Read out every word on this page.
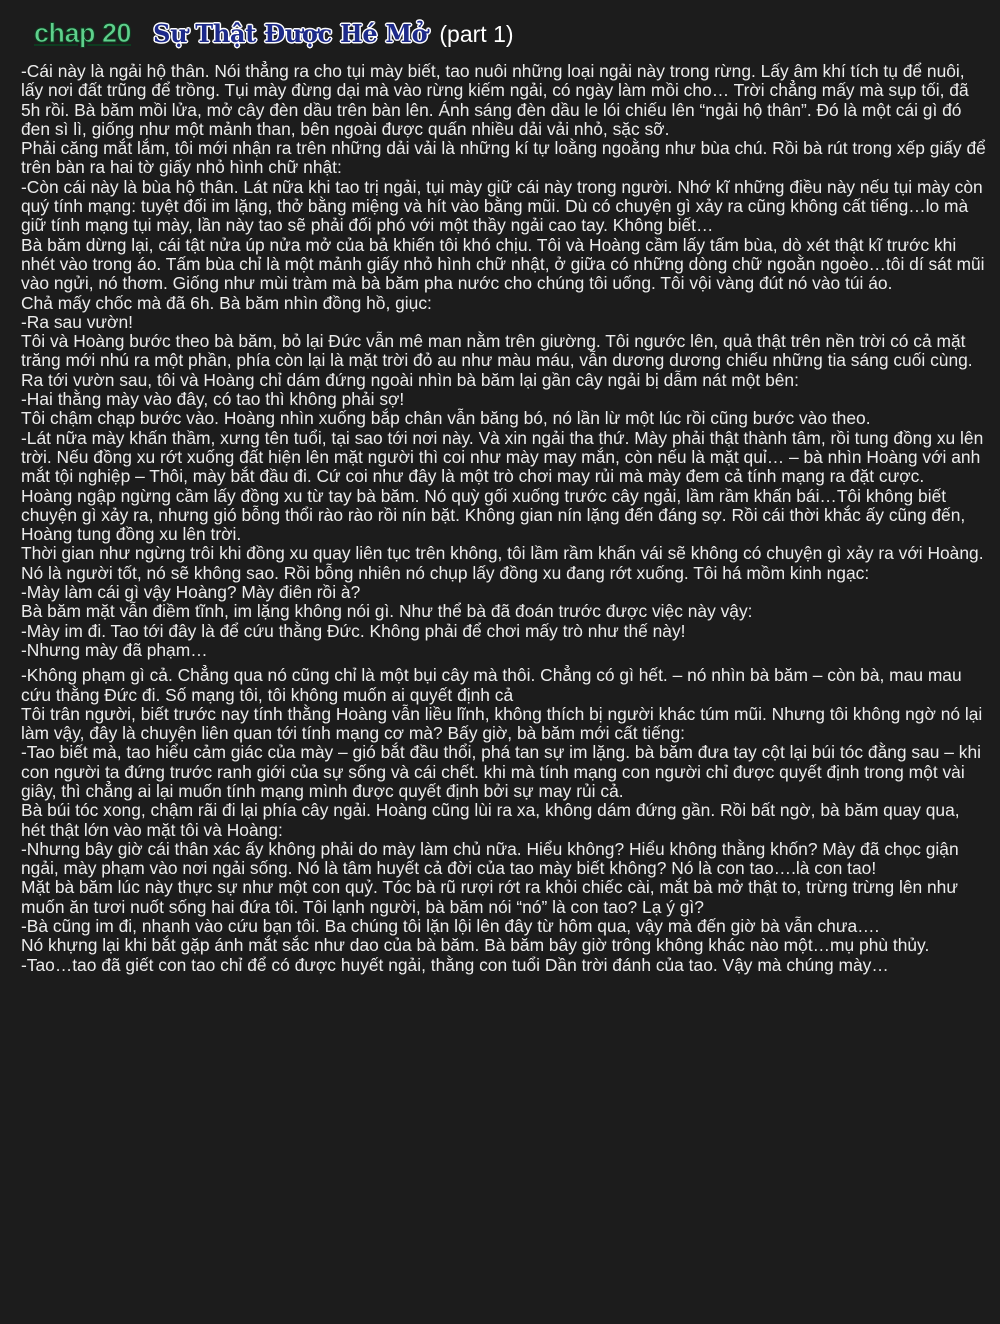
chap 20 Sự Thật Được Hé Mở (part 1)

-Cái này là ngải hộ thân. Nói thẳng ra cho tụi mày biết, tao nuôi những loại ngải này trong rừng. Lấy âm khí tích tụ để nuôi, lấy nơi đất trũng để trồng. Tụi mày đừng dại mà vào rừng kiếm ngải, có ngày làm mồi cho… Trời chẳng mấy mà sụp tối, đã 5h rồi. Bà băm mồi lửa, mở cây đèn dầu trên bàn lên. Ánh sáng đèn dầu le lói chiếu lên “ngải hộ thân”. Đó là một cái gì đó đen sì lì, giống như một mảnh than, bên ngoài được quấn nhiều dải vải nhỏ, sặc sỡ.

Phải căng mắt lắm, tôi mới nhận ra trên những dải vải là những kí tự loằng ngoằng như bùa chú. Rồi bà rút trong xếp giấy để trên bàn ra hai tờ giấy nhỏ hình chữ nhật:

-Còn cái này là bùa hộ thân. Lát nữa khi tao trị ngải, tụi mày giữ cái này trong người. Nhớ kĩ những điều này nếu tụi mày còn quý tính mạng: tuyệt đối im lặng, thở bằng miệng và hít vào bằng mũi. Dù có chuyện gì xảy ra cũng không cất tiếng…lo mà giữ tính mạng tụi mày, lần này tao sẽ phải đối phó với một thầy ngải cao tay. Không biết…

Bà băm dừng lại, cái tật nửa úp nửa mở của bả khiến tôi khó chịu. Tôi và Hoàng cầm lấy tấm bùa, dò xét thật kĩ trước khi nhét vào trong áo. Tấm bùa chỉ là một mảnh giấy nhỏ hình chữ nhật, ở giữa có những dòng chữ ngoằn ngoèo…tôi dí sát mũi vào ngửi, nó thơm. Giống như mùi tràm mà bà băm pha nước cho chúng tôi uống. Tôi vội vàng đút nó vào túi áo.

Chả mấy chốc mà đã 6h. Bà băm nhìn đồng hồ, giục:

-Ra sau vườn!

Tôi và Hoàng bước theo bà băm, bỏ lại Đức vẫn mê man nằm trên giường. Tôi ngước lên, quả thật trên nền trời có cả mặt trăng mới nhú ra một phần, phía còn lại là mặt trời đỏ au như màu máu, vẫn dương dương chiếu những tia sáng cuối cùng.

Ra tới vườn sau, tôi và Hoàng chỉ dám đứng ngoài nhìn bà băm lại gần cây ngải bị dẫm nát một bên:

-Hai thằng mày vào đây, có tao thì không phải sợ!

Tôi chậm chạp bước vào. Hoàng nhìn xuống bắp chân vẫn băng bó, nó lần lừ một lúc rồi cũng bước vào theo.

-Lát nữa mày khấn thầm, xưng tên tuổi, tại sao tới nơi này. Và xin ngải tha thứ. Mày phải thật thành tâm, rồi tung đồng xu lên trời. Nếu đồng xu rớt xuống đất hiện lên mặt người thì coi như mày may mắn, còn nếu là mặt quỉ… – bà nhìn Hoàng với anh mắt tội nghiệp – Thôi, mày bắt đầu đi. Cứ coi như đây là một trò chơi may rủi mà mày đem cả tính mạng ra đặt cược.

Hoàng ngập ngừng cầm lấy đồng xu từ tay bà băm. Nó quỳ gối xuống trước cây ngải, lầm rầm khấn bái…Tôi không biết chuyện gì xảy ra, nhưng gió bỗng thổi rào rào rồi nín bặt. Không gian nín lặng đến đáng sợ. Rồi cái thời khắc ấy cũng đến, Hoàng tung đồng xu lên trời.

Thời gian như ngừng trôi khi đồng xu quay liên tục trên không, tôi lầm rầm khấn vái sẽ không có chuyện gì xảy ra với Hoàng. Nó là người tốt, nó sẽ không sao. Rồi bỗng nhiên nó chụp lấy đồng xu đang rớt xuống. Tôi há mồm kinh ngạc:

-Mày làm cái gì vậy Hoàng? Mày điên rồi à?

Bà băm mặt vẫn điềm tĩnh, im lặng không nói gì. Như thể bà đã đoán trước được việc này vậy:

-Mày im đi. Tao tới đây là để cứu thằng Đức. Không phải để chơi mấy trò như thế này!

-Nhưng mày đã phạm…

-Không phạm gì cả. Chẳng qua nó cũng chỉ là một bụi cây mà thôi. Chẳng có gì hết. – nó nhìn bà băm – còn bà, mau mau cứu thằng Đức đi. Số mạng tôi, tôi không muốn ai quyết định cả

Tôi trân người, biết trước nay tính thằng Hoàng vẫn liều lĩnh, không thích bị người khác túm mũi. Nhưng tôi không ngờ nó lại làm vậy, đây là chuyện liên quan tới tính mạng cơ mà? Bấy giờ, bà băm mới cất tiếng:

-Tao biết mà, tao hiểu cảm giác của mày – gió bắt đầu thổi, phá tan sự im lặng. bà băm đưa tay cột lại búi tóc đằng sau – khi con người ta đứng trước ranh giới của sự sống và cái chết. khi mà tính mạng con người chỉ được quyết định trong một vài giây, thì chẳng ai lại muốn tính mạng mình được quyết định bởi sự may rủi cả.

Bà búi tóc xong, chậm rãi đi lại phía cây ngải. Hoàng cũng lùi ra xa, không dám đứng gần. Rồi bất ngờ, bà băm quay qua, hét thật lớn vào mặt tôi và Hoàng:

-Nhưng bây giờ cái thân xác ấy không phải do mày làm chủ nữa. Hiểu không? Hiểu không thằng khốn? Mày đã chọc giận ngải, mày phạm vào nơi ngải sống. Nó là tâm huyết cả đời của tao mày biết không? Nó là con tao….là con tao!

Mặt bà băm lúc này thực sự như một con quỷ. Tóc bà rũ rượi rớt ra khỏi chiếc cài, mắt bà mở thật to, trừng trừng lên như muốn ăn tươi nuốt sống hai đứa tôi. Tôi lạnh người, bà băm nói “nó” là con tao? Lạ ý gì?

-Bà cũng im đi, nhanh vào cứu bạn tôi. Ba chúng tôi lặn lội lên đây từ hôm qua, vậy mà đến giờ bà vẫn chưa….

Nó khựng lại khi bắt gặp ánh mắt sắc như dao của bà băm. Bà băm bây giờ trông không khác nào một…mụ phù thủy.

-Tao…tao đã giết con tao chỉ để có được huyết ngải, thằng con tuổi Dần trời đánh của tao. Vậy mà chúng mày…
